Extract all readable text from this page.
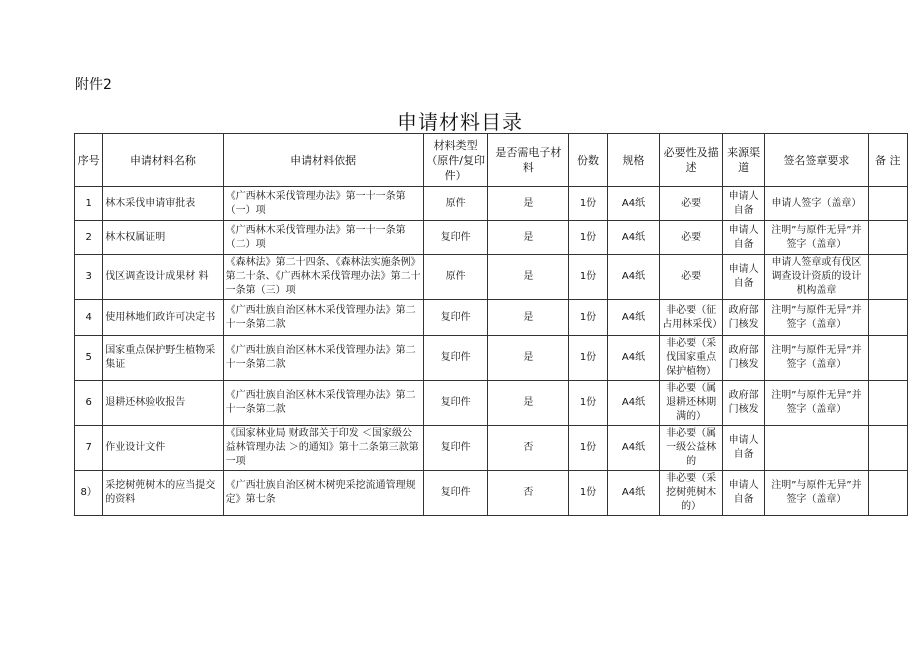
附件2
申请材料目录
序号	申请材料名称	申请材料依据	材料类型（原件/复印件）	是否需电子材料	份数	规格	必要性及描述	来源渠道	签名签章要求	备 注
1	林木采伐申请审批表	《广西林木采伐管理办法》第一十一条第（一）项	原件	是	1份	A4纸	必要	申请人自备	申请人签字（盖章）	
2	林木权属证明	《广西林木采伐管理办法》第一十一条第（二）项	复印件	是	1份	A4纸	必要	申请人自备	注明”与原件无异”并签字（盖章）	
3	伐区调查设计成果材 料	《森林法》第二十四条、《森林法实施条例》第二十条、《广西林木采伐管理办法》第二十一条第（三）项	原件	是	1份	A4纸	必要	申请人自备	申请人签章或有伐区调查设计资质的设计机构盖章	
4	使用林地们政许可决定书	《广西壮族自治区林木采伐管理办法》第二十一条第二款	复印件	是	1份	A4纸	非必要（征占用林采伐）	政府部门核发	注明”与原件无异”并签字（盖章）	
5	国家重点保护野生植物采集证	《广西壮族自治区林木采伐管理办法》第二十一条第二款	复印件	是	1份	A4纸	非必要（采伐国家重点保护植物）	政府部门核发	注明”与原件无异”并签字（盖章）	
6	退耕还林验收报告	《广西壮族自治区林木采伐管理办法》第二十一条第二款	复印件	是	1份	A4纸	非必要（属退耕还林期满的）	政府部门核发	注明”与原件无异”并签字（盖章）	
7	作业设计文件	《国家林业局 财政部关于印发 ＜国家级公益林管理办法 ＞的通知》第十二条第三款第一项	复印件	否	1份	A4纸	非必要（属一级公益林的	申请人自备		
8）	采挖树蔸树木的应当提交的资料	《广西壮族自治区树木树兜采挖流通管理规定》第七条	复印件	否	1份	A4纸	非必要（采挖树蔸树木的）	申请人自备	注明”与原件无异”并签字（盖章）	
